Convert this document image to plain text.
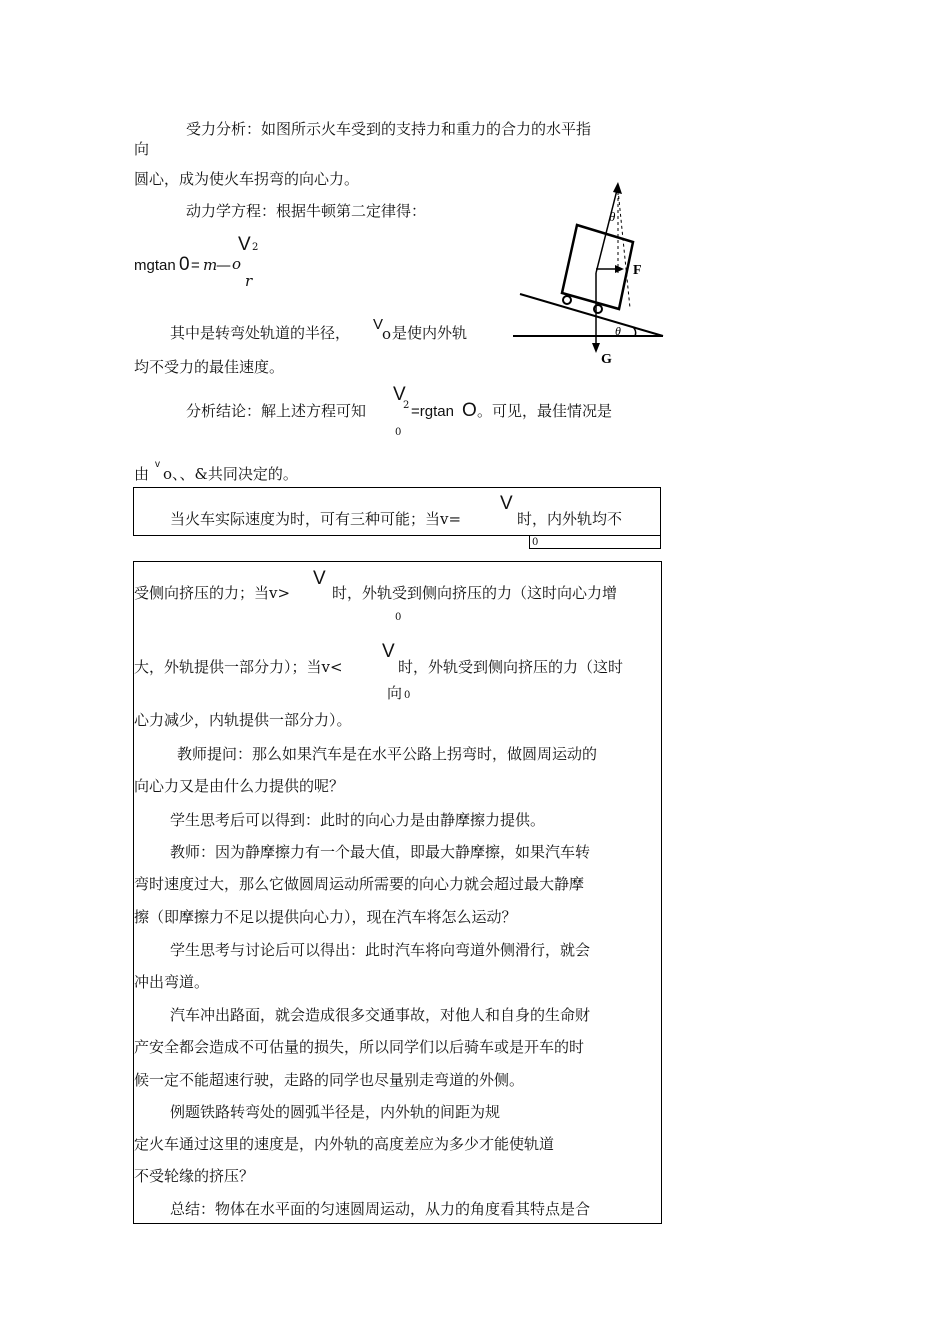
受力分析：如图所示火车受到的支持力和重力的合力的水平指
向
圆心，成为使火车拐弯的向心力。
动力学方程：根据牛顿第二定律得：
mgtan 0 = m
— o
V 2
r
其中是转弯处轨道的半径， V
o 是使内外轨
均不受力的最佳速度。
分析结论：解上述方程可知
V
2 =rgtan O 。可见，最佳情况是
0
由
v
o、、&共同决定的。
当火车实际速度为时，可有三种可能；当v=
V
时，内外轨均不
0
受侧向挤压的力；当v>
V
时，外轨受到侧向挤压的力（这时向心力增
0
大，外轨提供一部分力）；当v<
V
时，外轨受到侧向挤压的力（这时
向 0
心力减少，内轨提供一部分力）。
教师提问：那么如果汽车是在水平公路上拐弯时，做圆周运动的
向心力又是由什么力提供的呢？
学生思考后可以得到：此时的向心力是由静摩擦力提供。
教师：因为静摩擦力有一个最大值，即最大静摩擦，如果汽车转
弯时速度过大，那么它做圆周运动所需要的向心力就会超过最大静摩
擦（即摩擦力不足以提供向心力），现在汽车将怎么运动？
学生思考与讨论后可以得出：此时汽车将向弯道外侧滑行，就会
冲出弯道。
汽车冲出路面，就会造成很多交通事故，对他人和自身的生命财
产安全都会造成不可估量的损失，所以同学们以后骑车或是开车的时
候一定不能超速行驶，走路的同学也尽量别走弯道的外侧。
例题铁路转弯处的圆弧半径是，内外轨的间距为规
定火车通过这里的速度是，内外轨的高度差应为多少才能使轨道
不受轮缘的挤压？
总结：物体在水平面的匀速圆周运动，从力的角度看其特点是合
θ
F
θ
G
